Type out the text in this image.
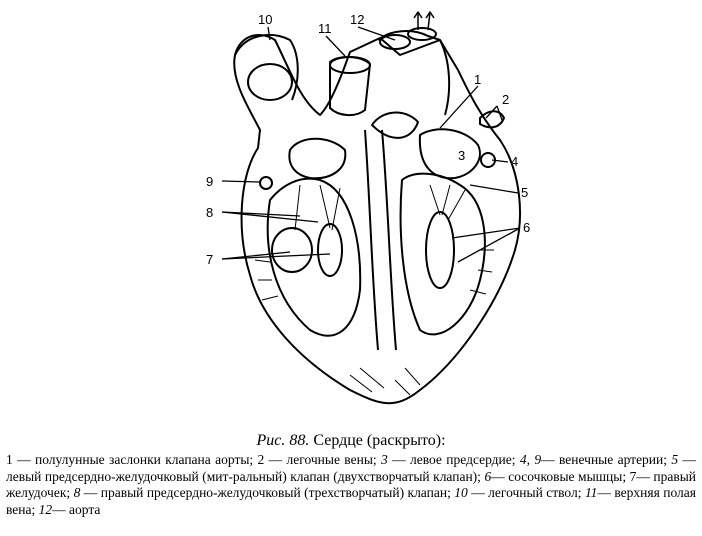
10
11
12
1
2
3	4
5
6
7
8
9
Рис. 88. Сердце (раскрыто):
1 — полулунные заслонки клапана аорты; 2 — легочные вены; 3 — левое предсердие; 4, 9— венечные артерии; 5 — левый предсердно-желудочковый (мит-ральный) клапан (двухстворчатый клапан); 6— сосочковые мышцы; 7— правый желудочек; 8 — правый предсердно-желудочковый (трехстворчатый) клапан; 10 — легочный ствол; 11— верхняя полая вена; 12— аорта
